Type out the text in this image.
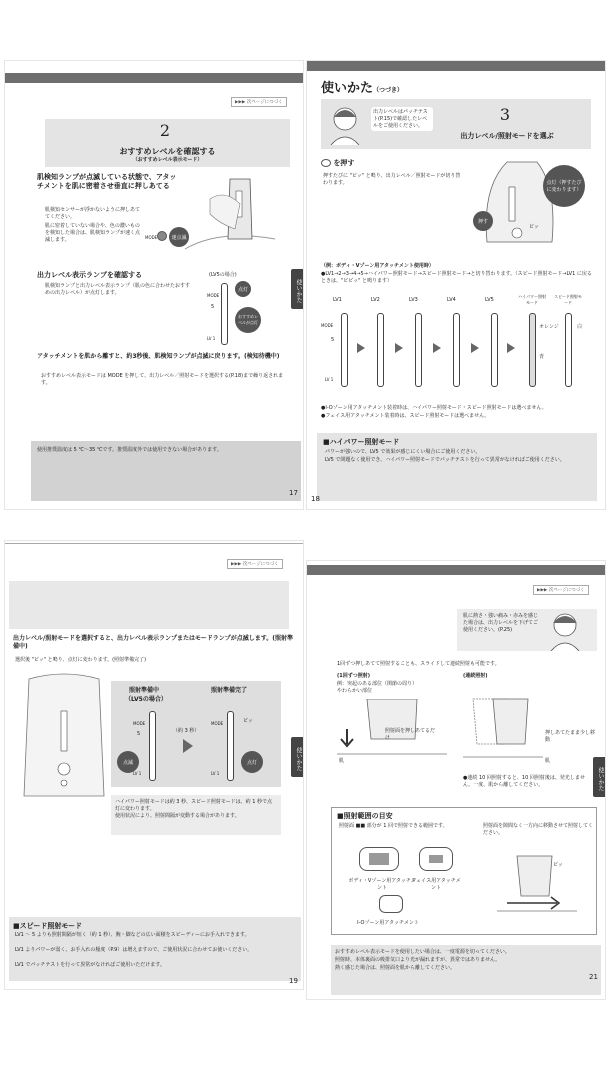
▶▶▶ 次ページにつづく
2
おすすめレベルを確認する
（おすすめレベル表示モード）
肌検知ランプが点滅している状態で、アタッチメントを肌に密着させ垂直に押しあてる
肌検知センサーが浮かないように押しあててください。
肌に密着していない場合や、色の濃いものを検知した場合は、肌検知ランプが速く点滅します。	MODE	速点滅
出力レベル表示ランプを確認する
肌検知ランプと出力レベル表示ランプ（肌の色に合わせたおすすめの出力レベル）が点灯します。
(LV5の場合)
MODE
5
LV 1
点灯
おすすめレベルが点灯
アタッチメントを肌から離すと、約3秒後、肌検知ランプが点滅に戻ります。(検知待機中)
おすすめレベル表示モードは MODE を押して、出力レベル／照射モードを選択する(P.18)まで繰り返されます。
使用推奨温度は 5 ℃〜35 ℃です。推奨温度外では使用できない場合があります。
使いかた
17
使いかた（つづき）
出力レベルはパッチテスト(P.15)で確認したレベルをご使用ください。
3
出力レベル/照射モードを選ぶ
を押す
押すたびに "ピッ" と鳴り、出力レベル／照射モードが切り替わります。	点灯（押すたびに変わります）
押す
ピッ
（例：ボディ・Vゾーン用アタッチメント使用時）
●LV1→2→3→4→5→ハイパワー照射モード→スピード照射モード→と切り替わります。（スピード照射モード→LV1 に戻るときは、"ピピッ" と鳴ります）
LV1	LV2	LV3	LV4	LV5
ハイパワー照射モード
スピード照射モード
MODE
5
LV 1
オレンジ	白
青
●I-Oゾーン用アタッチメント装着時は、ハイパワー照射モード・スピード照射モードは選べません。
●フェイス用アタッチメント装着時は、スピード照射モードは選べません。
■ハイパワー照射モード
パワーが強いので、LV5 で効果が感じにくい場合にご使用ください。
LV5 で問題なく使用でき、ハイパワー照射モードでパッチテストを行って異常がなければご使用ください。
18
▶▶▶ 次ページにつづく
出力レベル/照射モードを選択すると、出力レベル表示ランプまたはモードランプが点滅します。(照射準備中)
選択後 "ピッ" と鳴り、点灯に変わります。(照射準備完了)
照射準備中
（LV5の場合）
照射準備完了
MODE
5
LV 1
点滅
（約 3 秒）
MODE
LV 1
ピッ
点灯
ハイパワー照射モードは約 3 秒、スピード照射モードは、約 1 秒で点灯に変わります。
使用状況により、照射間隔が変動する場合があります。
■スピード照射モード
LV1 〜 5 よりも照射間隔が短く（約 1 秒）、腕・脚などの広い面積をスピーディーにお手入れできます。
LV1 よりパワーが弱く、お手入れの頻度（P.9）は増えますので、ご使用状況に合わせてお使いください。
LV1 でパッチテストを行って異常がなければご使用いただけます。
使いかた
19
▶▶▶ 次ページにつづく
肌に熱さ・強い痛み・赤みを感じた場合は、出力レベルを下げてご使用ください。(P.25)
1回ずつ押しあてて照射することも、スライドして連続照射も可能です。
(1回ずつ照射)
例：突起のある部位（関節の周り）やわらかい部位
(連続照射)
照射面を押しあてるだけ
肌
押しあてたまま少し移動
肌
●連続 10 回照射すると、10 回照射後は、発光しません。一度、肌から離してください。
■照射範囲の目安
照射面 ■■ 部分が 1 回で照射できる範囲です。	照射面を隙間なく一方向に移動させて照射してください。
ボディ・Vゾーン用アタッチメント
フェイス用アタッチメント
I-Oゾーン用アタッチメント
ピッ
おすすめレベル表示モードを使用したい場合は、一度電源を切ってください。
照射時、本体裏面の吸排気口より光が漏れますが、異常ではありません。
熱く感じた場合は、照射面を肌から離してください。
使いかた
21
